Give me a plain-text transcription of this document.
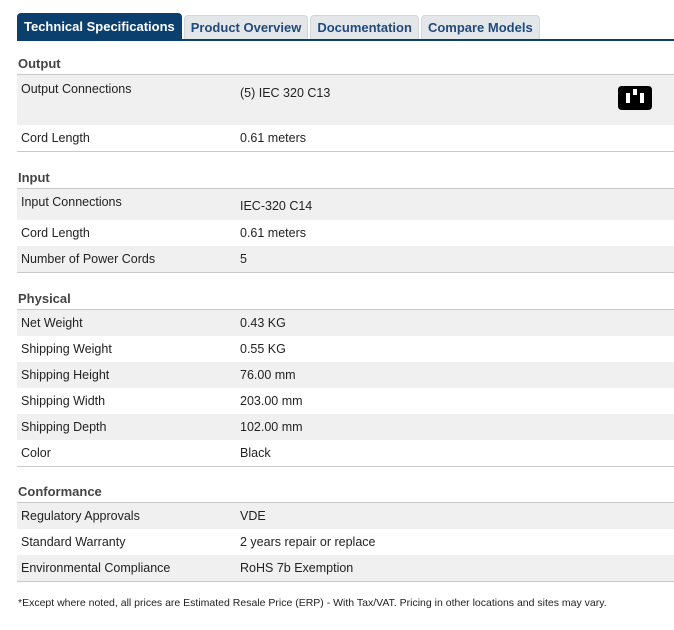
Technical Specifications	Product Overview	Documentation	Compare Models
Output
Output Connections	(5) IEC 320 C13
Cord Length	0.61 meters
Input
Input Connections	IEC-320 C14
Cord Length	0.61 meters
Number of Power Cords	5
Physical
Net Weight	0.43 KG
Shipping Weight	0.55 KG
Shipping Height	76.00 mm
Shipping Width	203.00 mm
Shipping Depth	102.00 mm
Color	Black
Conformance
Regulatory Approvals	VDE
Standard Warranty	2 years repair or replace
Environmental Compliance	RoHS 7b Exemption
*Except where noted, all prices are Estimated Resale Price (ERP) - With Tax/VAT. Pricing in other locations and sites may vary.
